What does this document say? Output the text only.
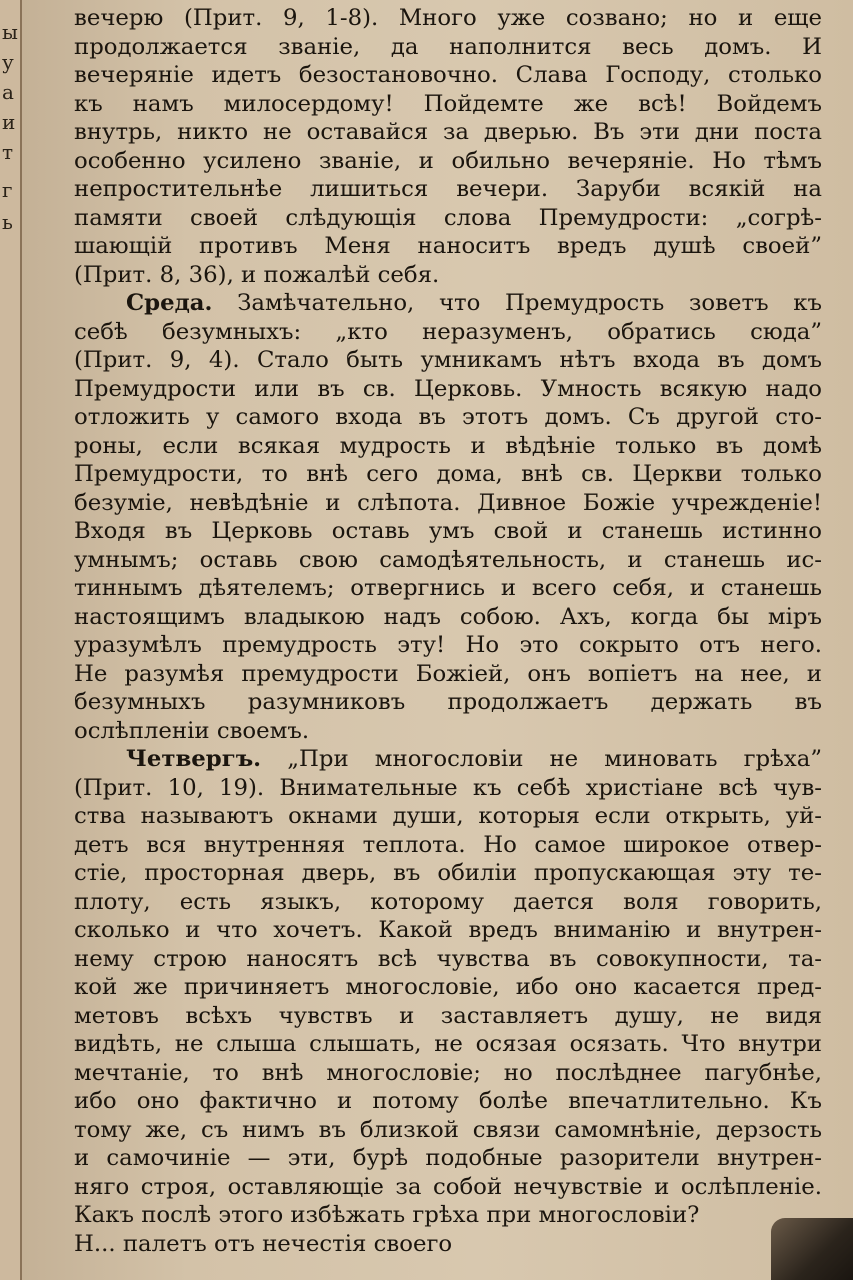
ы
у
а
и
т
г
ь
вечерю (Прит. 9, 1-8). Много уже созвано; но и еще
продолжается званіе, да наполнится весь домъ. И
вечеряніе идетъ безостановочно. Слава Господу, столько
къ намъ милосердому! Пойдемте же всѣ! Войдемъ
внутрь, никто не оставайся за дверью. Въ эти дни поста
особенно усилено званіе, и обильно вечеряніе. Но тѣмъ
непростительнѣе лишиться вечери. Заруби всякій на
памяти своей слѣдующія слова Премудрости: „согрѣ-
шающій противъ Меня наноситъ вредъ душѣ своей”
(Прит. 8, 36), и пожалѣй себя.
Среда. Замѣчательно, что Премудрость зоветъ къ
себѣ безумныхъ: „кто неразуменъ, обратись сюда”
(Прит. 9, 4). Стало быть умникамъ нѣтъ входа въ домъ
Премудрости или въ св. Церковь. Умность всякую надо
отложить у самого входа въ этотъ домъ. Съ другой сто-
роны, если всякая мудрость и вѣдѣніе только въ домѣ
Премудрости, то внѣ сего дома, внѣ св. Церкви только
безуміе, невѣдѣніе и слѣпота. Дивное Божіе учрежденіе!
Входя въ Церковь оставь умъ свой и станешь истинно
умнымъ; оставь свою самодѣятельность, и станешь ис-
тиннымъ дѣятелемъ; отвергнись и всего себя, и станешь
настоящимъ владыкою надъ собою. Ахъ, когда бы міръ
уразумѣлъ премудрость эту! Но это сокрыто отъ него.
Не разумѣя премудрости Божіей, онъ вопіетъ на нее, и
безумныхъ разумниковъ продолжаетъ держать въ
ослѣплeніи своемъ.
Четвергъ. „При многословіи не миновать грѣха”
(Прит. 10, 19). Внимательные къ себѣ христіане всѣ чув-
ства называютъ окнами души, которыя если открыть, уй-
детъ вся внутренняя теплота. Но самое широкое отвер-
стіе, просторная дверь, въ обиліи пропускающая эту те-
плоту, есть языкъ, которому дается воля говорить,
сколько и что хочетъ. Какой вредъ вниманію и внутрен-
нему строю наносятъ всѣ чувства въ совокупности, та-
кой же причиняетъ многословіе, ибо оно касается пред-
метовъ всѣхъ чувствъ и заставляетъ душу, не видя
видѣть, не слыша слышать, не осязая осязать. Что внутри
мечтаніе, то внѣ многословіе; но послѣднее пагубнѣе,
ибо оно фактично и потому болѣе впечатлительно. Къ
тому же, съ нимъ въ близкой связи самомнѣніе, дерзость
и самочиніе — эти, бурѣ подобные разорители внутрен-
няго строя, оставляющіе за собой нечувствіе и ослѣпленіе.
Какъ послѣ этого избѣжать грѣха при многословіи?
Н... палетъ отъ нечестія своего
